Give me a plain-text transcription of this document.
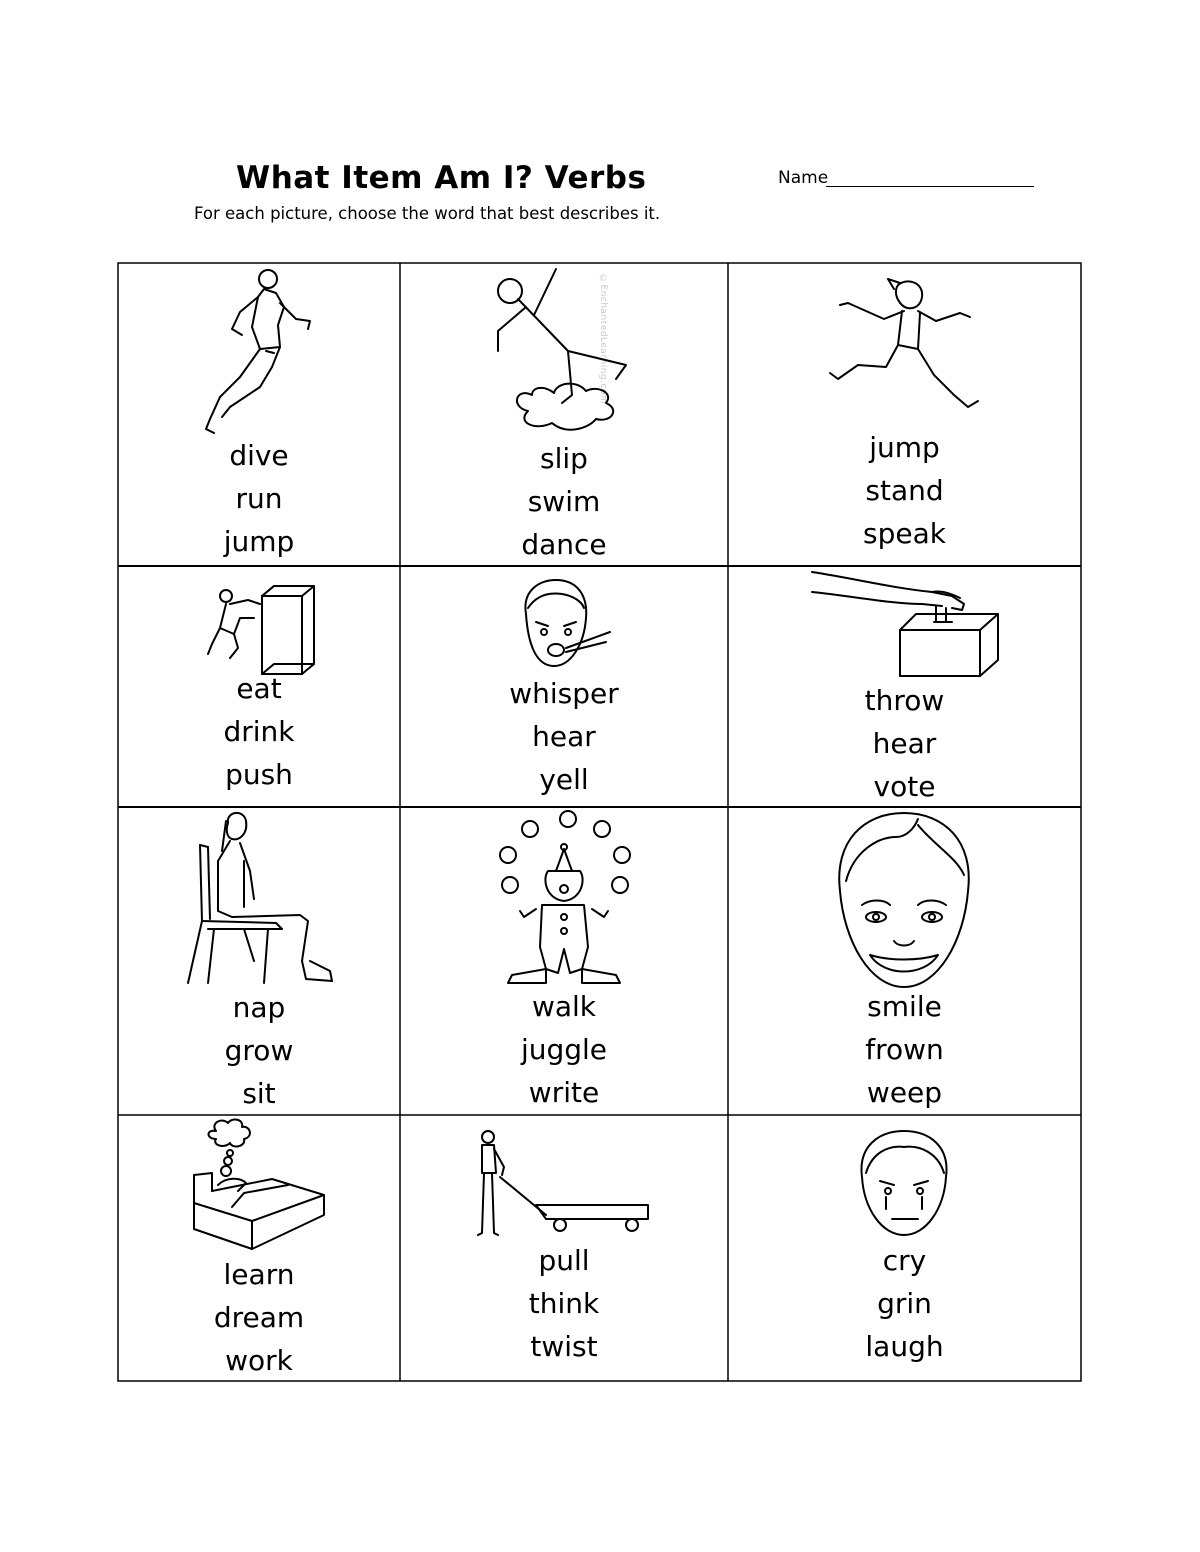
What Item Am I? Verbs	Name
For each picture, choose the word that best describes it.
©EnchantedLearning.com
dive
run
jump
slip
swim
dance
jump
stand
speak
eat
drink
push
whisper
hear
yell
throw
hear
vote
nap
grow
sit
walk
juggle
write
smile
frown
weep
learn
dream
work
pull
think
twist
cry
grin
laugh
